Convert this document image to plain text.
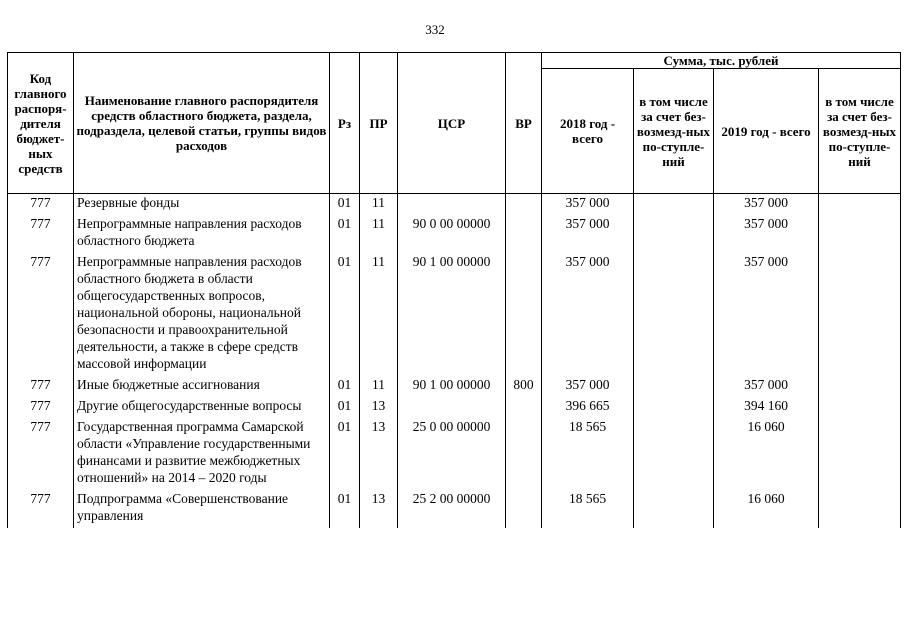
332
Код главного распоря-дителя бюджет-ных средств	Наименование главного распорядителя средств областного бюджета, раздела, подраздела, целевой статьи, группы видов расходов	Рз	ПР	ЦСР	ВР	Сумма, тыс. рублей			
						2018 год - всего	в том числе за счет без-возмезд-ных по-ступле-ний	2019 год - всего	в том числе за счет без-возмезд-ных по-ступле-ний
777	Резервные фонды	01	11			357 000		357 000	
777	Непрограммные направления расходов областного бюджета	01	11	90 0 00 00000		357 000		357 000	
777	Непрограммные направления расходов областного бюджета в области общегосударственных вопросов, национальной обороны, национальной безопасности и правоохранительной деятельности, а также в сфере средств массовой информации	01	11	90 1 00 00000		357 000		357 000	
777	Иные бюджетные ассигнования	01	11	90 1 00 00000	800	357 000		357 000	
777	Другие общегосударственные вопросы	01	13			396 665		394 160	
777	Государственная программа Самарской области «Управление государственными финансами и развитие межбюджетных отношений» на 2014 – 2020 годы	01	13	25 0 00 00000		18 565		16 060	
777	Подпрограмма «Совершенствование управления	01	13	25 2 00 00000		18 565		16 060	
